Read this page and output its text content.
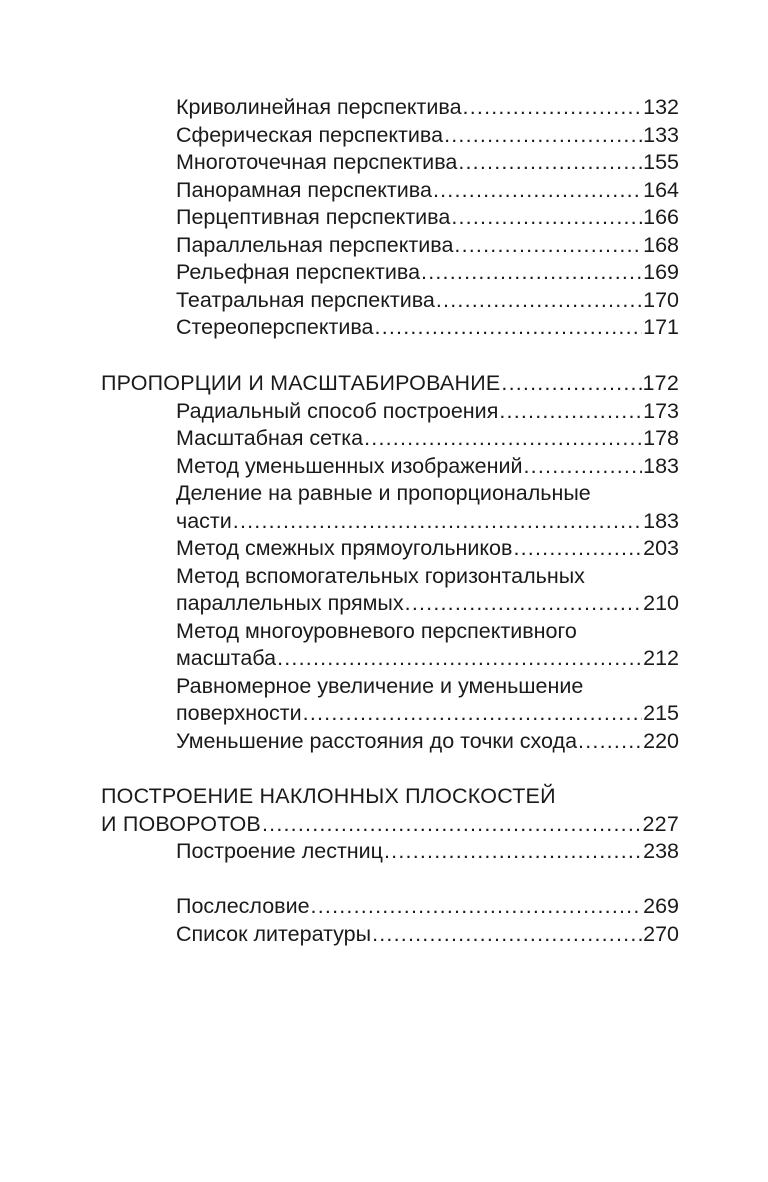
Криволинейная перспектива .....	132
Сферическая перспектива .....	133
Многоточечная перспектива .....	155
Панорамная перспектива .....	164
Перцептивная перспектива .....	166
Параллельная перспектива .....	168
Рельефная перспектива .....	169
Театральная перспектива .....	170
Стереоперспектива .....	171
ПРОПОРЦИИ И МАСШТАБИРОВАНИЕ .....	172
Радиальный способ построения .....	173
Масштабная сетка .....	178
Метод уменьшенных изображений .....	183
Деление на равные и пропорциональные
части .....	183
Метод смежных прямоугольников .....	203
Метод вспомогательных горизонтальных
параллельных прямых .....	210
Метод многоуровневого перспективного
масштаба .....	212
Равномерное увеличение и уменьшение
поверхности .....	215
Уменьшение расстояния до точки схода .....	220
ПОСТРОЕНИЕ НАКЛОННЫХ ПЛОСКОСТЕЙ
И ПОВОРОТОВ .....	227
Построение лестниц .....	238
Послесловие .....	269
Список литературы .....	270
